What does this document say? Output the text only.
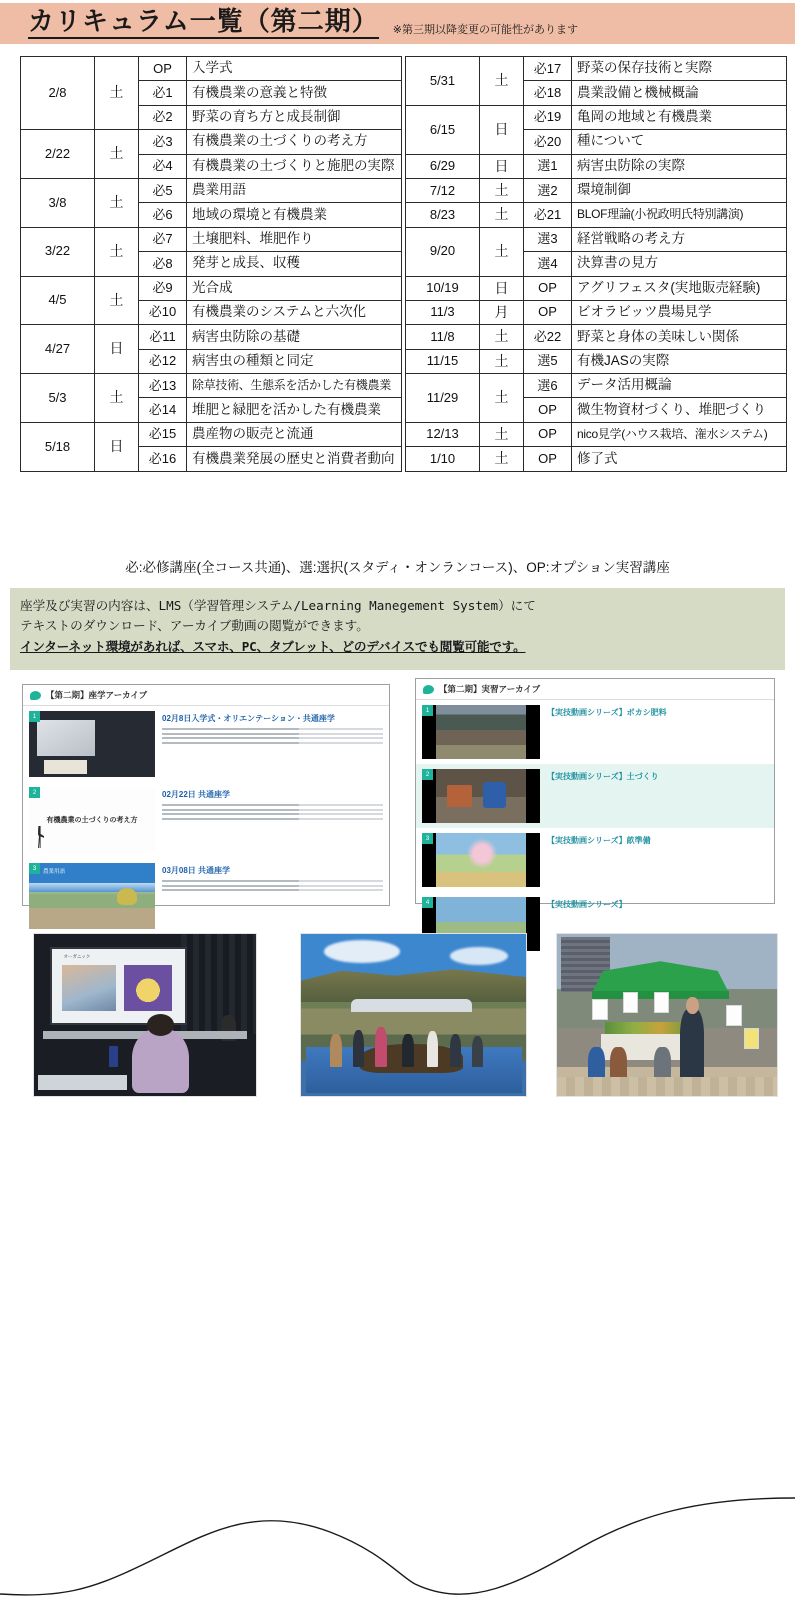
カリキュラム一覧（第二期） ※第三期以降変更の可能性があります
2/8	土	OP	入学式
		必1	有機農業の意義と特徴
		必2	野菜の育ち方と成長制御
2/22	土	必3	有機農業の土づくりの考え方
		必4	有機農業の土づくりと施肥の実際
3/8	土	必5	農業用語
		必6	地域の環境と有機農業
3/22	土	必7	土壌肥料、堆肥作り
		必8	発芽と成長、収穫
4/5	土	必9	光合成
		必10	有機農業のシステムと六次化
4/27	日	必11	病害虫防除の基礎
		必12	病害虫の種類と同定
5/3	土	必13	除草技術、生態系を活かした有機農業
		必14	堆肥と緑肥を活かした有機農業
5/18	日	必15	農産物の販売と流通
		必16	有機農業発展の歴史と消費者動向
5/31	土	必17	野菜の保存技術と実際
		必18	農業設備と機械概論
6/15	日	必19	亀岡の地域と有機農業
		必20	種について
6/29	日	選1	病害虫防除の実際
7/12	土	選2	環境制御
8/23	土	必21	BLOF理論(小祝政明氏特別講演)
9/20	土	選3	経営戦略の考え方
		選4	決算書の見方
10/19	日	OP	アグリフェスタ(実地販売経験)
11/3	月	OP	ビオラビッツ農場見学
11/8	土	必22	野菜と身体の美味しい関係
11/15	土	選5	有機JASの実際
11/29	土	選6	データ活用概論
		OP	微生物資材づくり、堆肥づくり
12/13	土	OP	nico見学(ハウス栽培、潅水システム)
1/10	土	OP	修了式
必:必修講座(全コース共通)、選:選択(スタディ・オンランコース)、OP:オプション実習講座
座学及び実習の内容は、LMS（学習管理システム/Learning Manegement System）にて
テキストのダウンロード、アーカイブ動画の閲覧ができます。
インターネット環境があれば、スマホ、PC、タブレット、どのデバイスでも閲覧可能です。
【第二期】座学アーカイブ
1	02月8日入学式・オリエンテーション・共通座学
2
有機農業の土づくりの考え方
02月22日 共通座学
3
農業用語	03月08日 共通座学
【第二期】実習アーカイブ
1	【実技動画シリーズ】ボカシ肥料
2	【実技動画シリーズ】土づくり
3	【実技動画シリーズ】畝準備
4	【実技動画シリーズ】
オーガニック
